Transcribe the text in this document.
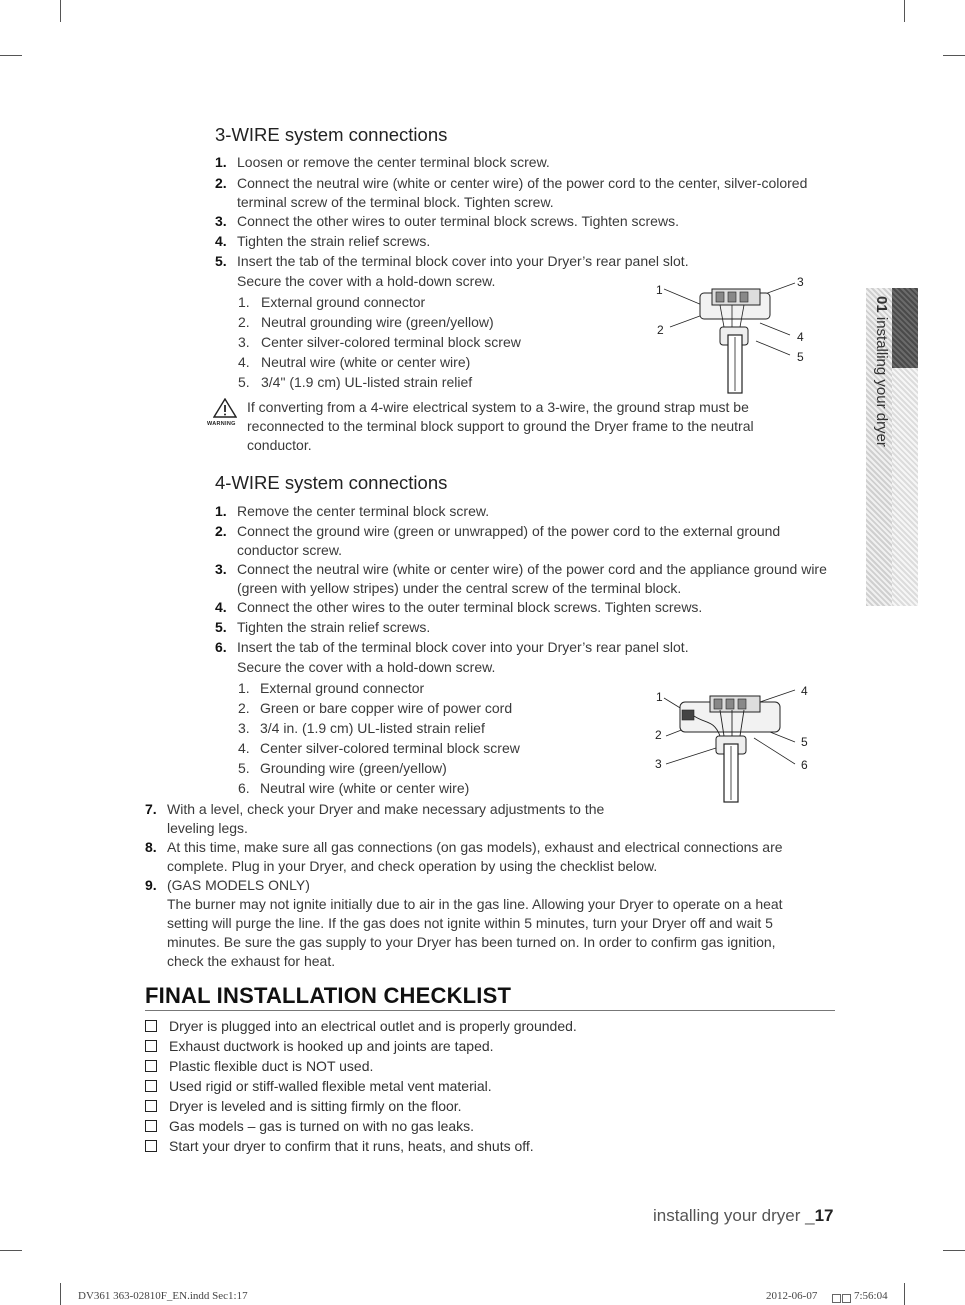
3-WIRE system connections
1. Loosen or remove the center terminal block screw.
2. Connect the neutral wire (white or center wire) of the power cord to the center, silver-colored terminal screw of the terminal block. Tighten screw.
3. Connect the other wires to outer terminal block screws. Tighten screws.
4. Tighten the strain relief screws.
5. Insert the tab of the terminal block cover into your Dryer’s rear panel slot.
Secure the cover with a hold-down screw.
1. External ground connector
2. Neutral grounding wire (green/yellow)
3. Center silver-colored terminal block screw
4. Neutral wire (white or center wire)
5. 3/4" (1.9 cm) UL-listed strain relief
1
2
3
4
5
WARNING
If converting from a 4-wire electrical system to a 3-wire, the ground strap must be reconnected to the terminal block support to ground the Dryer frame to the neutral conductor.
4-WIRE system connections
1. Remove the center terminal block screw.
2. Connect the ground wire (green or unwrapped) of the power cord to the external ground conductor screw.
3. Connect the neutral wire (white or center wire) of the power cord and the appliance ground wire (green with yellow stripes) under the central screw of the terminal block.
4. Connect the other wires to the outer terminal block screws. Tighten screws.
5. Tighten the strain relief screws.
6. Insert the tab of the terminal block cover into your Dryer’s rear panel slot.
Secure the cover with a hold-down screw.
1. External ground connector
2. Green or bare copper wire of power cord
3. 3/4 in. (1.9 cm) UL-listed strain relief
4. Center silver-colored terminal block screw
5. Grounding wire (green/yellow)
6. Neutral wire (white or center wire)
1
2
3
4
5
6
7. With a level, check your Dryer and make necessary adjustments to the leveling legs.
8. At this time, make sure all gas connections (on gas models), exhaust and electrical connections are complete. Plug in your Dryer, and check operation by using the checklist below.
9. (GAS MODELS ONLY)
The burner may not ignite initially due to air in the gas line. Allowing your Dryer to operate on a heat setting will purge the line. If the gas does not ignite within 5 minutes, turn your Dryer off and wait 5 minutes. Be sure the gas supply to your Dryer has been turned on. In order to confirm gas ignition, check the exhaust for heat.
FINAL INSTALLATION CHECKLIST
Dryer is plugged into an electrical outlet and is properly grounded.
Exhaust ductwork is hooked up and joints are taped.
Plastic flexible duct is NOT used.
Used rigid or stiff-walled flexible metal vent material.
Dryer is leveled and is sitting firmly on the floor.
Gas models – gas is turned on with no gas leaks.
Start your dryer to confirm that it runs, heats, and shuts off.
01 installing your dryer
installing your dryer _17
DV361 363-02810F_EN.indd Sec1:17	2012-06-07	7:56:04
